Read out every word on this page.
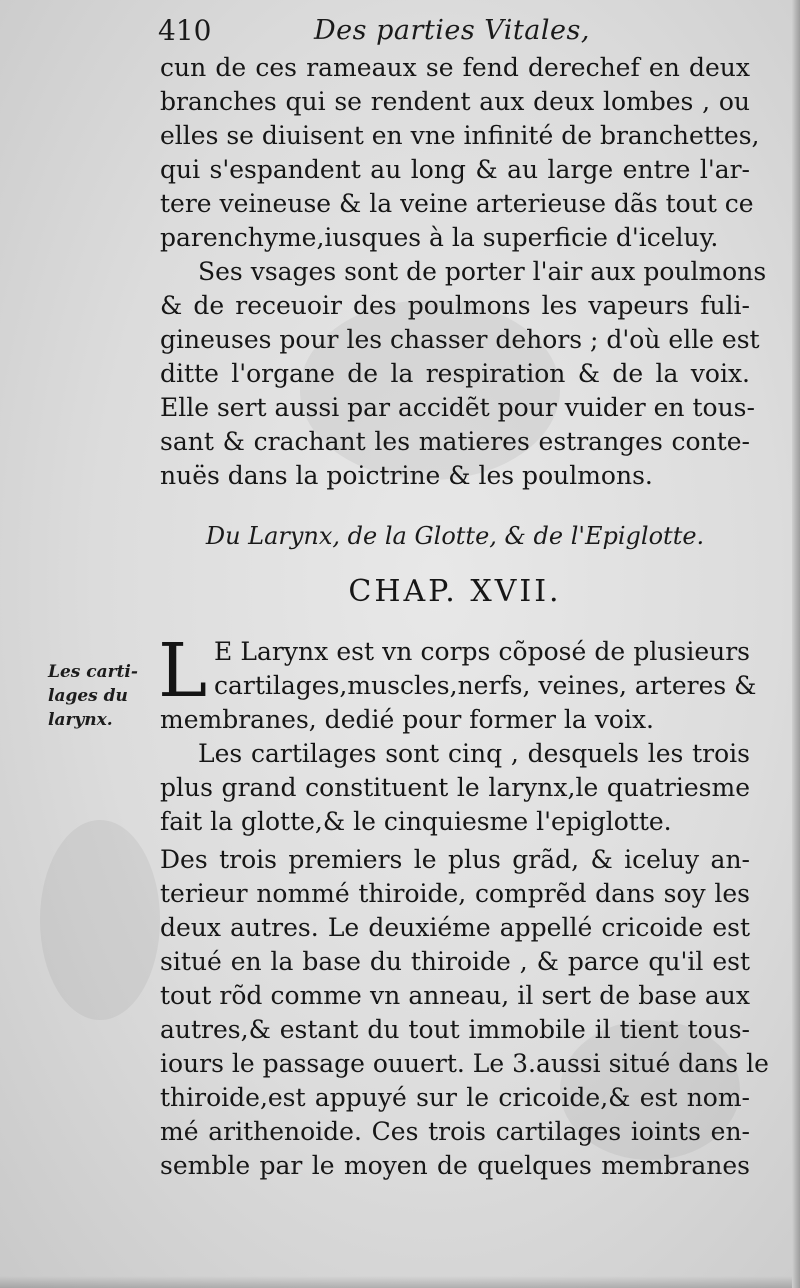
410	Des parties Vitales,
cun de ces rameaux se fend derechef en deux
branches qui se rendent aux deux lombes , ou
elles se diuisent en vne infinité de branchettes,
qui s'espandent au long & au large entre l'ar-
tere veineuse & la veine arterieuse dãs tout ce
parenchyme,iusques à la superficie d'iceluy.
Ses vsages sont de porter l'air aux poulmons
& de receuoir des poulmons les vapeurs fuli-
gineuses pour les chasser dehors ; d'où elle est
ditte l'organe de la respiration & de la voix.
Elle sert aussi par accidẽt pour vuider en tous-
sant & crachant les matieres estranges conte-
nuës dans la poictrine & les poulmons.
Du Larynx, de la Glotte, & de l'Epiglotte.
CHAP. XVII.
Les carti-
lages du
larynx.
L E Larynx est vn corps cõposé de plusieurs
cartilages,muscles,nerfs, veines, arteres &
membranes, dedié pour former la voix.
Les cartilages sont cinq , desquels les trois
plus grand constituent le larynx,le quatriesme
fait la glotte,& le cinquiesme l'epiglotte.
Des trois premiers le plus grãd, & iceluy an-
terieur nommé thiroide, comprẽd dans soy les
deux autres. Le deuxiéme appellé cricoide est
situé en la base du thiroide , & parce qu'il est
tout rõd comme vn anneau, il sert de base aux
autres,& estant du tout immobile il tient tous-
iours le passage ouuert. Le 3.aussi situé dans le
thiroide,est appuyé sur le cricoide,& est nom-
mé arithenoide. Ces trois cartilages ioints en-
semble par le moyen de quelques membranes
